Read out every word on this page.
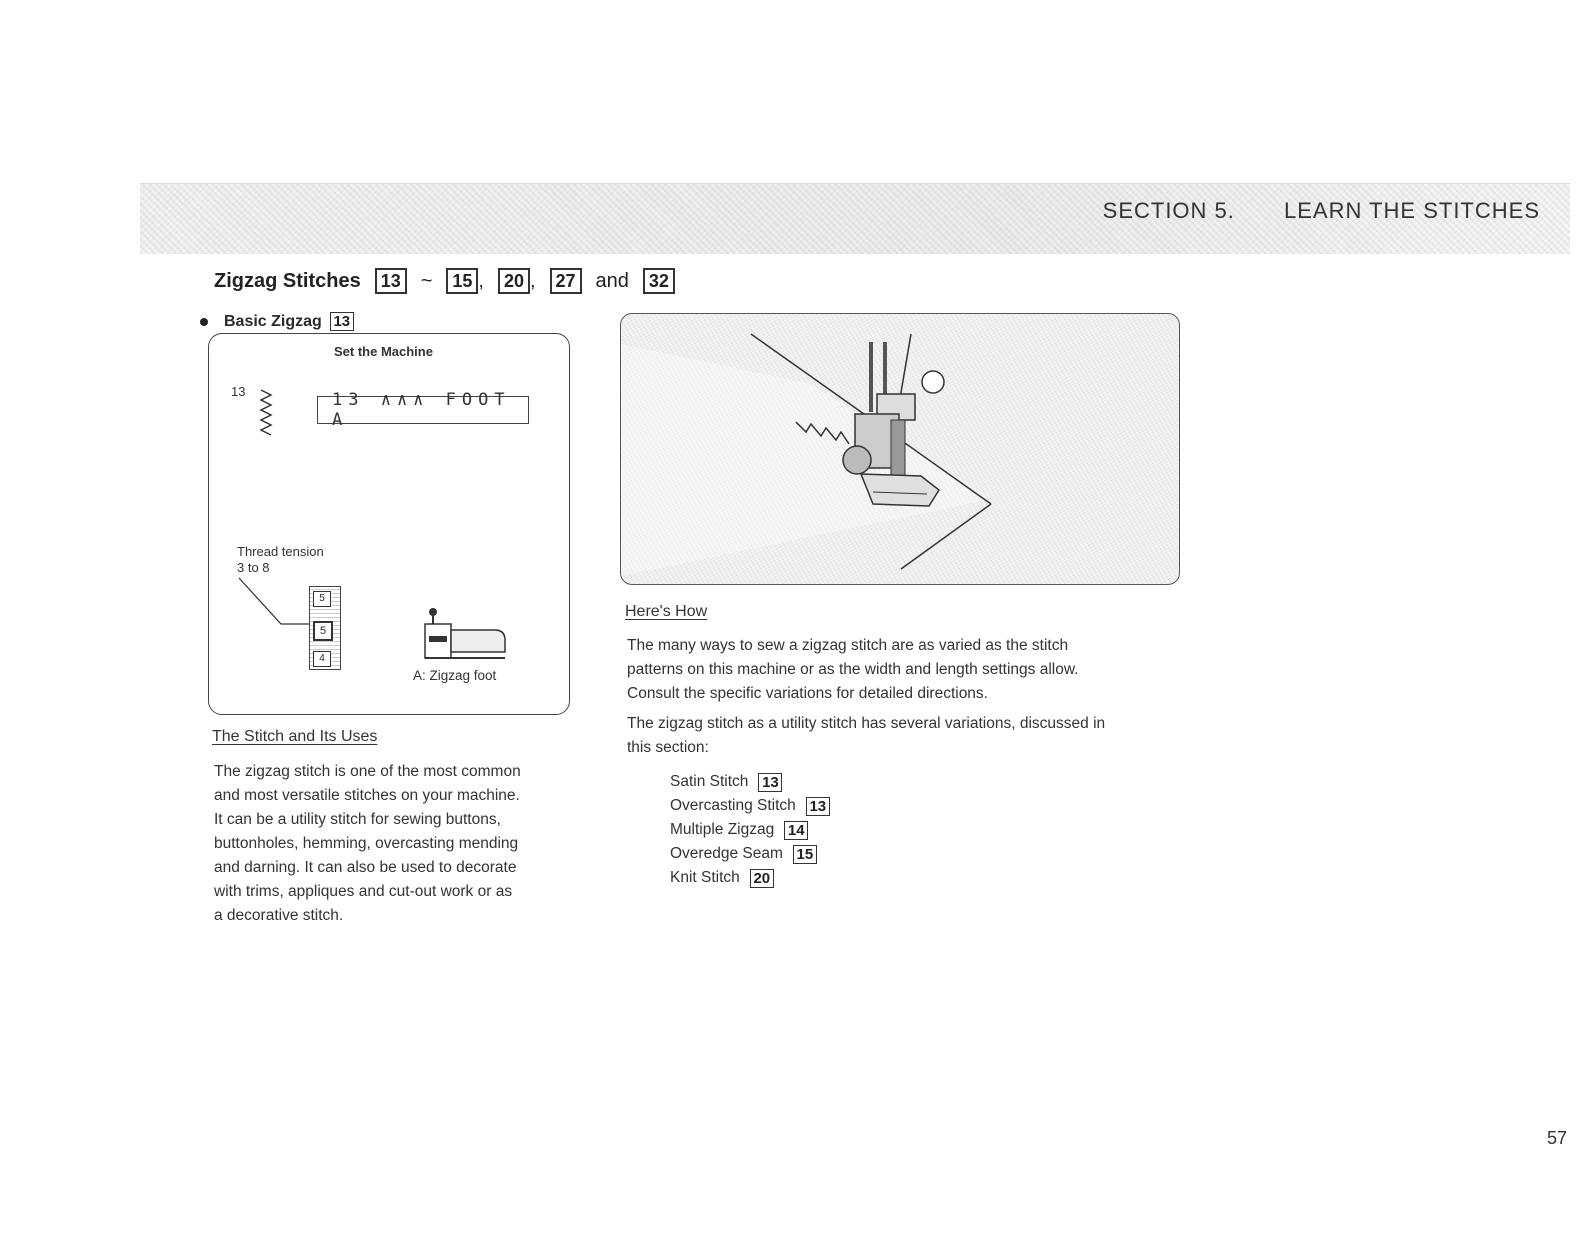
SECTION 5. LEARN THE STITCHES
Zigzag Stitches	13 ~	15 ,	20 ,	27 and	32
Basic Zigzag 13
Set the Machine
13	13 ∧∧∧ FOOT A
Thread tension
3 to 8
5
5
4
A: Zigzag foot
The Stitch and Its Uses

The zigzag stitch is one of the most common

and most versatile stitches on your machine.

It can be a utility stitch for sewing buttons,

buttonholes, hemming, overcasting mending

and darning. It can also be used to decorate

with trims, appliques and cut-out work or as

a decorative stitch.

Here's How

The many ways to sew a zigzag stitch are as varied as the stitch

patterns on this machine or as the width and length settings allow.

Consult the specific variations for detailed directions.

The zigzag stitch as a utility stitch has several variations, discussed in

this section:

Satin Stitch 13
Overcasting Stitch 13
Multiple Zigzag 14
Overedge Seam 15
Knit Stitch 20
57
